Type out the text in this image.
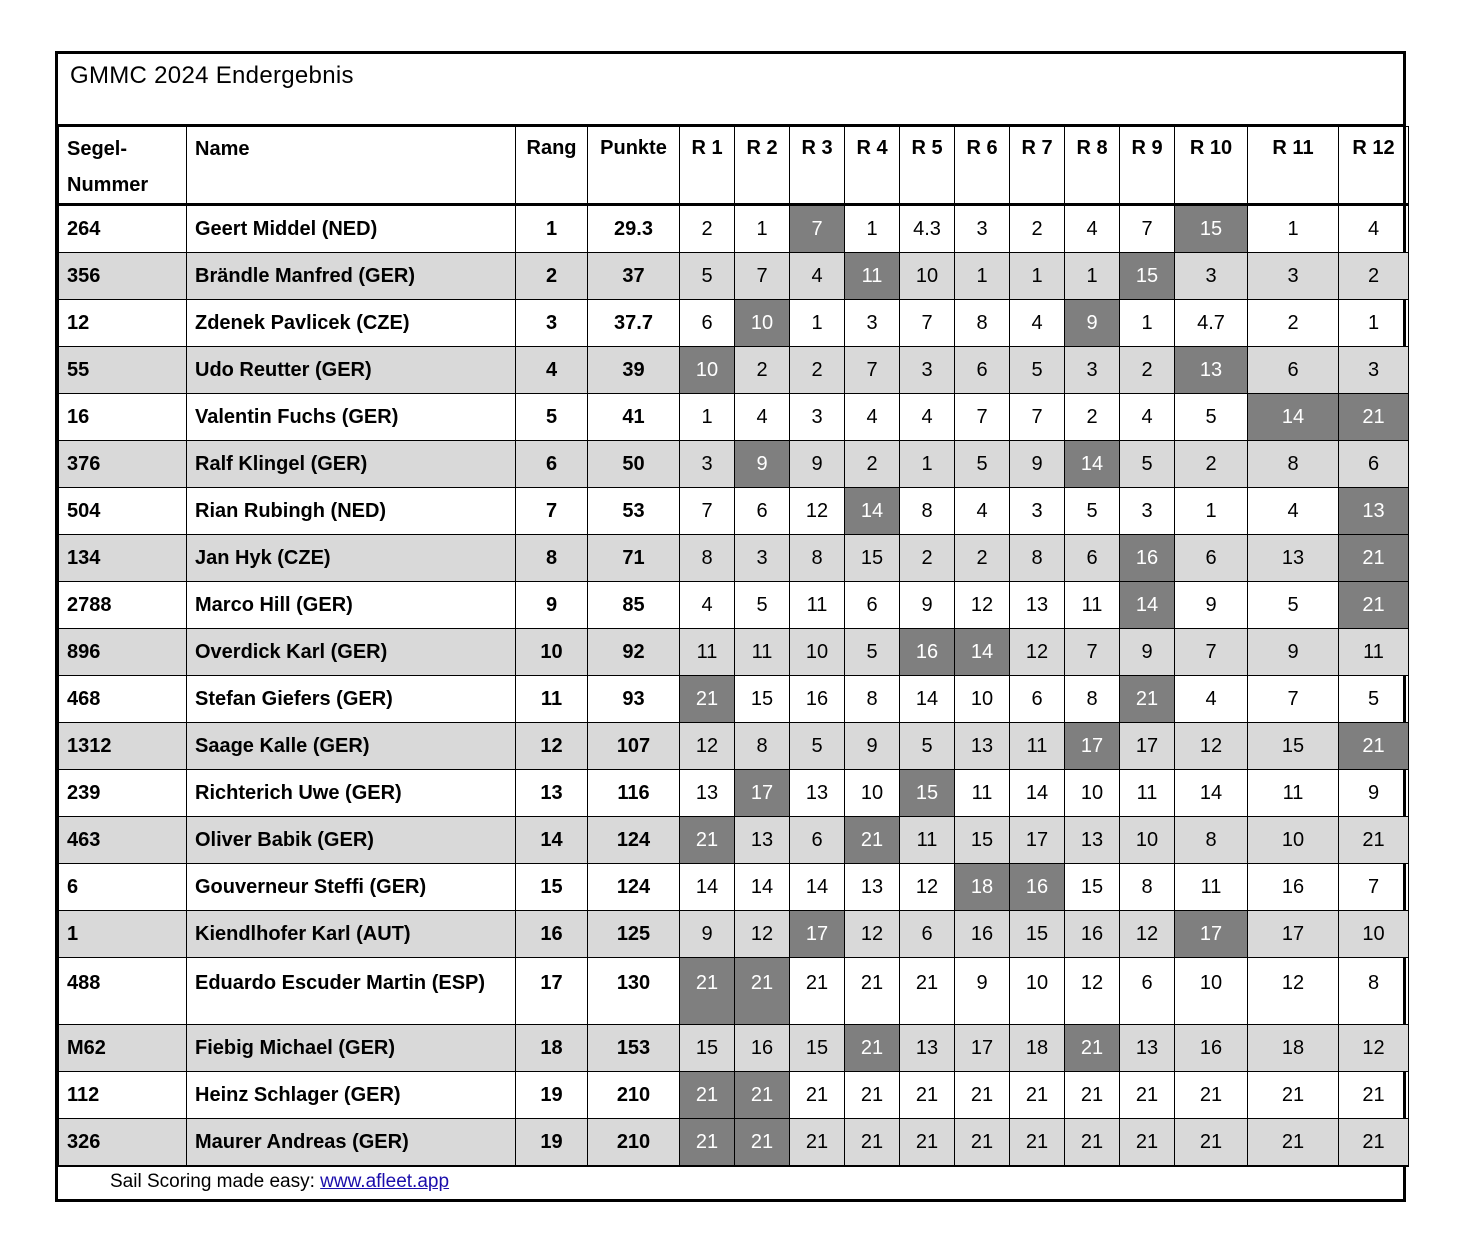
GMMC 2024 Endergebnis
Segel-
Nummer	Name	Rang	Punkte	R 1	R 2	R 3	R 4	R 5	R 6	R 7	R 8	R 9	R 10	R 11	R 12
264	Geert Middel (NED)	1	29.3	2	1	7	1	4.3	3	2	4	7	15	1	4
356	Brändle Manfred (GER)	2	37	5	7	4	11	10	1	1	1	15	3	3	2
12	Zdenek Pavlicek (CZE)	3	37.7	6	10	1	3	7	8	4	9	1	4.7	2	1
55	Udo Reutter (GER)	4	39	10	2	2	7	3	6	5	3	2	13	6	3
16	Valentin Fuchs (GER)	5	41	1	4	3	4	4	7	7	2	4	5	14	21
376	Ralf Klingel (GER)	6	50	3	9	9	2	1	5	9	14	5	2	8	6
504	Rian Rubingh (NED)	7	53	7	6	12	14	8	4	3	5	3	1	4	13
134	Jan Hyk (CZE)	8	71	8	3	8	15	2	2	8	6	16	6	13	21
2788	Marco Hill (GER)	9	85	4	5	11	6	9	12	13	11	14	9	5	21
896	Overdick Karl (GER)	10	92	11	11	10	5	16	14	12	7	9	7	9	11
468	Stefan Giefers (GER)	11	93	21	15	16	8	14	10	6	8	21	4	7	5
1312	Saage Kalle (GER)	12	107	12	8	5	9	5	13	11	17	17	12	15	21
239	Richterich Uwe (GER)	13	116	13	17	13	10	15	11	14	10	11	14	11	9
463	Oliver Babik (GER)	14	124	21	13	6	21	11	15	17	13	10	8	10	21
6	Gouverneur Steffi (GER)	15	124	14	14	14	13	12	18	16	15	8	11	16	7
1	Kiendlhofer Karl (AUT)	16	125	9	12	17	12	6	16	15	16	12	17	17	10
488	Eduardo Escuder Martin (ESP)	17	130	21	21	21	21	21	9	10	12	6	10	12	8
M62	Fiebig Michael (GER)	18	153	15	16	15	21	13	17	18	21	13	16	18	12
112	Heinz Schlager (GER)	19	210	21	21	21	21	21	21	21	21	21	21	21	21
326	Maurer Andreas (GER)	19	210	21	21	21	21	21	21	21	21	21	21	21	21
Sail Scoring made easy: www.afleet.app
